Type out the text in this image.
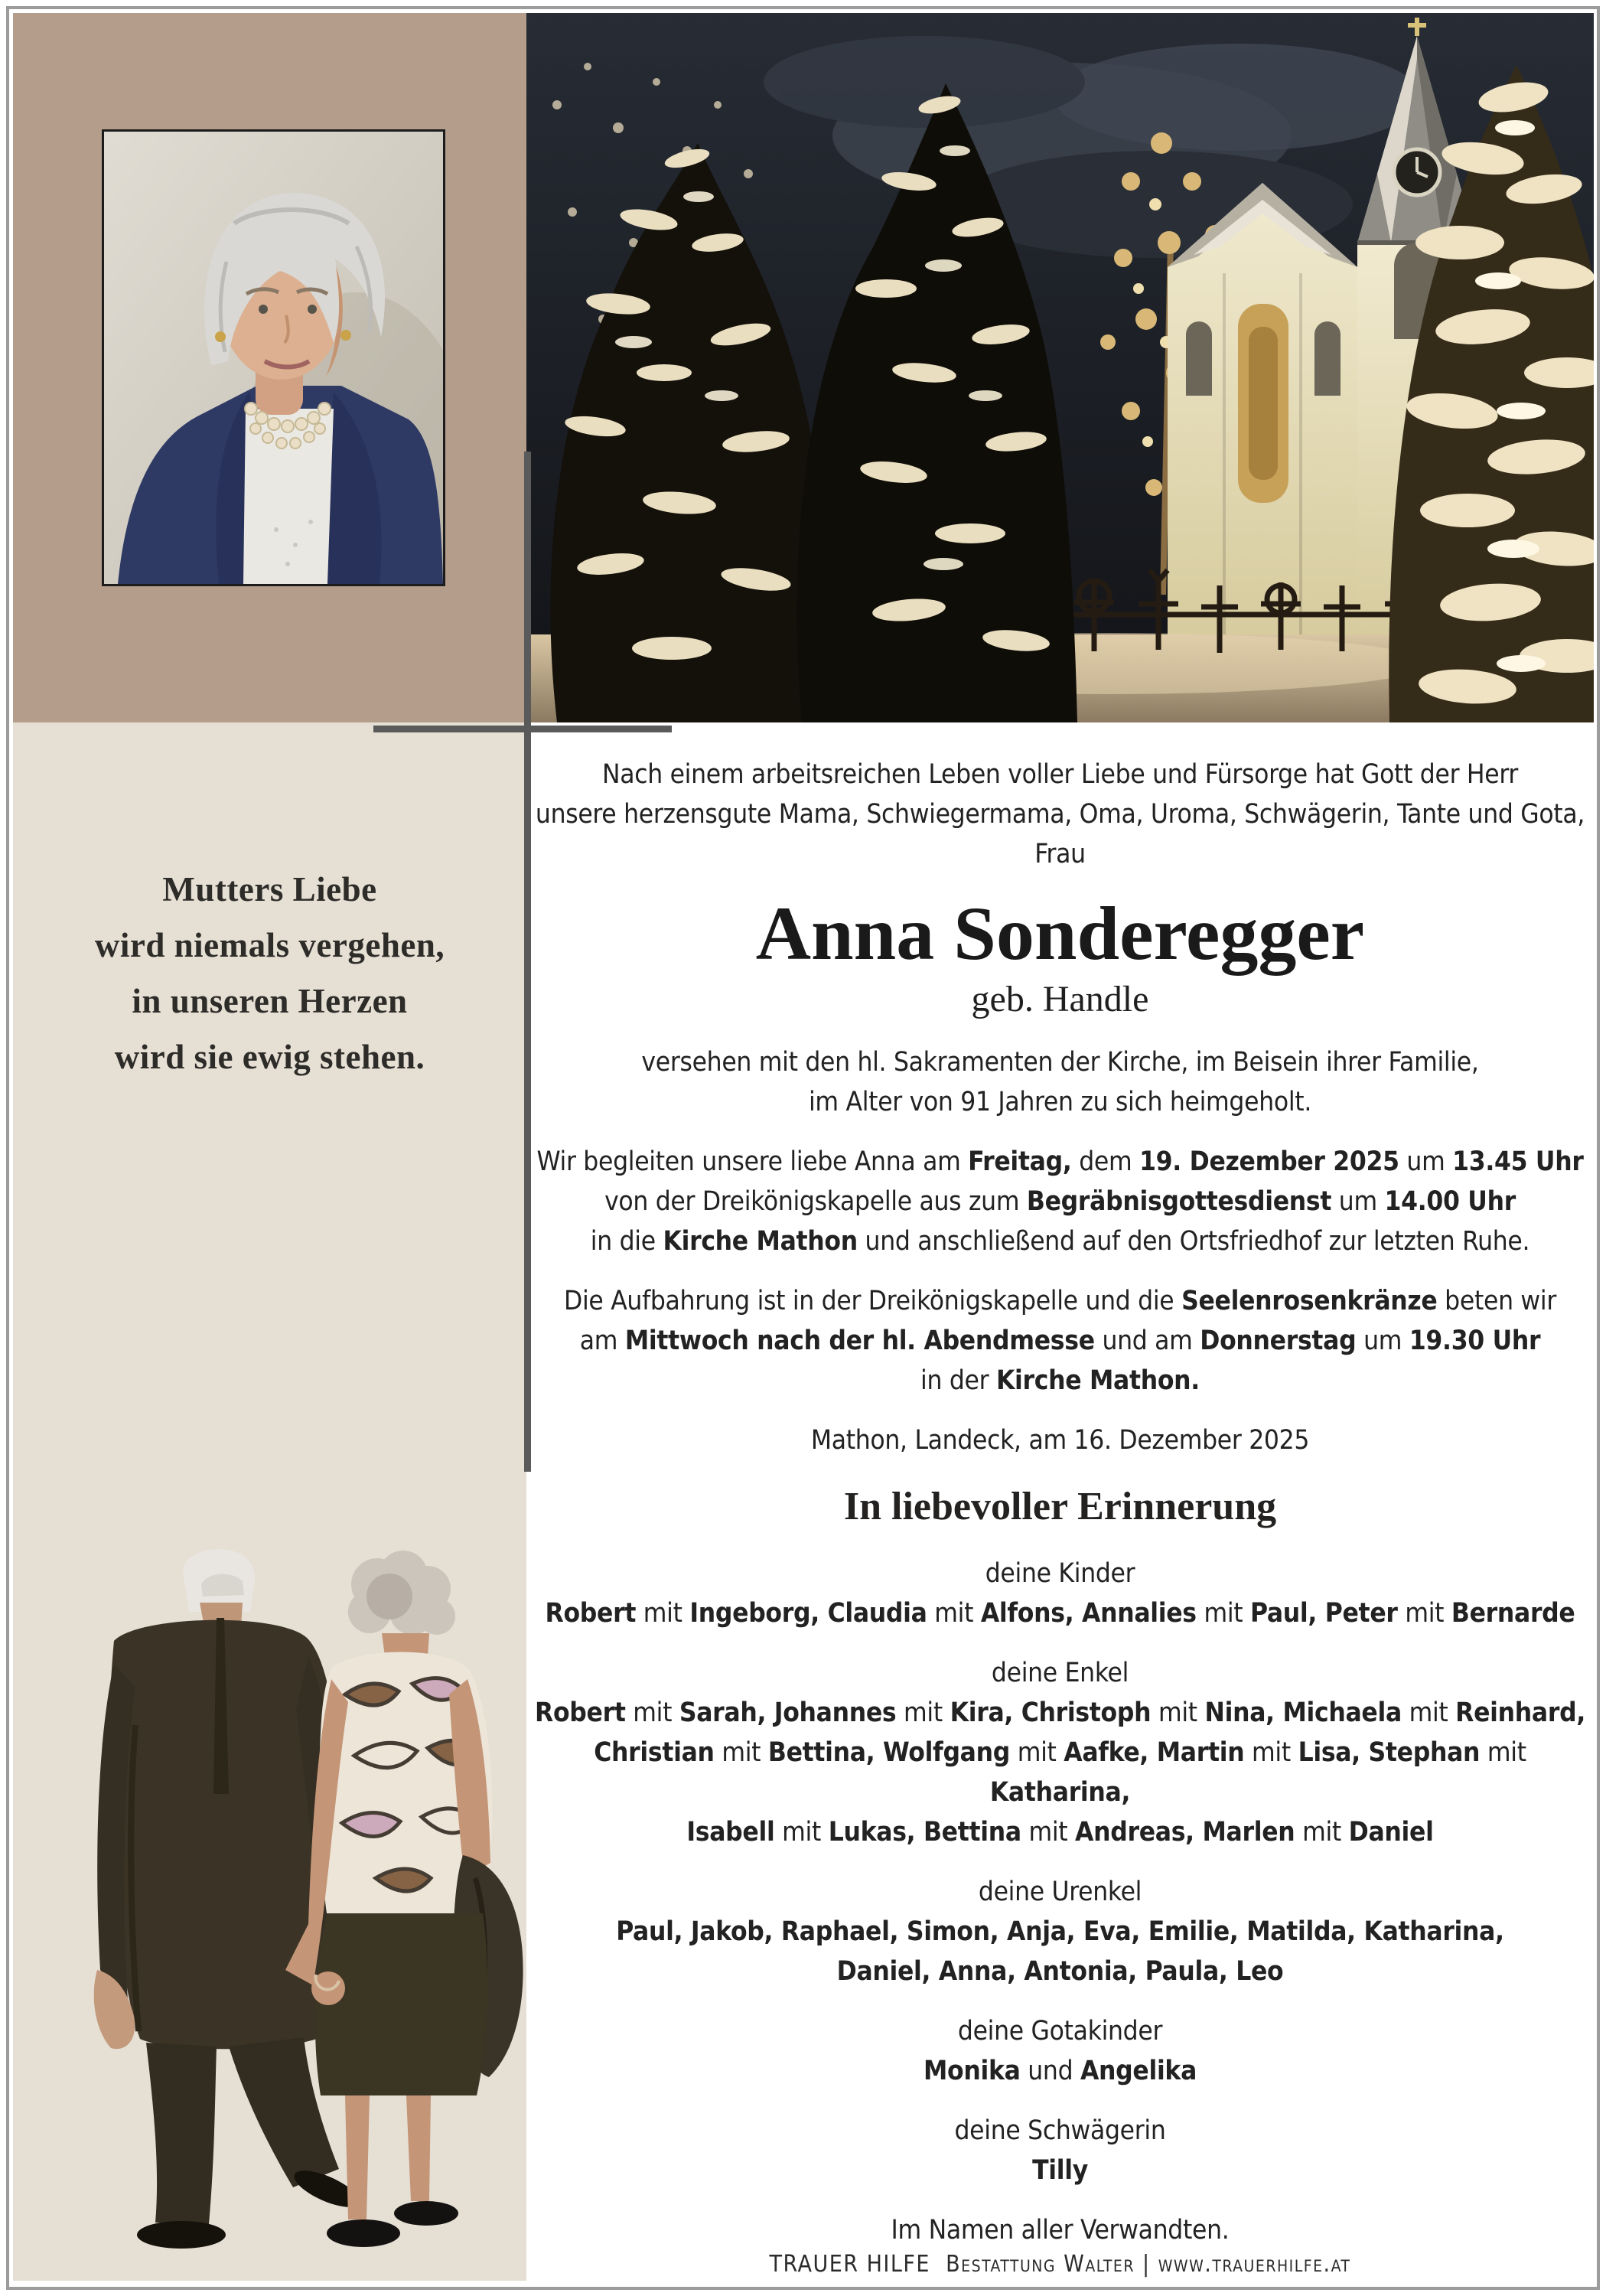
Mutters Liebe
wird niemals vergehen,
in unseren Herzen
wird sie ewig stehen.
Nach einem arbeitsreichen Leben voller Liebe und Fürsorge hat Gott der Herr
unsere herzensgute Mama, Schwiegermama, Oma, Uroma, Schwägerin, Tante und Gota,
Frau
Anna Sonderegger
geb. Handle
versehen mit den hl. Sakramenten der Kirche, im Beisein ihrer Familie,
im Alter von 91 Jahren zu sich heimgeholt.
Wir begleiten unsere liebe Anna am Freitag, dem 19. Dezember 2025 um 13.45 Uhr
von der Dreikönigskapelle aus zum Begräbnisgottesdienst um 14.00 Uhr
in die Kirche Mathon und anschließend auf den Ortsfriedhof zur letzten Ruhe.
Die Aufbahrung ist in der Dreikönigskapelle und die Seelenrosenkränze beten wir
am Mittwoch nach der hl. Abendmesse und am Donnerstag um 19.30 Uhr
in der Kirche Mathon.
Mathon, Landeck, am 16. Dezember 2025
In liebevoller Erinnerung
deine Kinder
Robert mit Ingeborg, Claudia mit Alfons, Annalies mit Paul, Peter mit Bernarde
deine Enkel
Robert mit Sarah, Johannes mit Kira, Christoph mit Nina, Michaela mit Reinhard,
Christian mit Bettina, Wolfgang mit Aafke, Martin mit Lisa, Stephan mit Katharina,
Isabell mit Lukas, Bettina mit Andreas, Marlen mit Daniel
deine Urenkel
Paul, Jakob, Raphael, Simon, Anja, Eva, Emilie, Matilda, Katharina,
Daniel, Anna, Antonia, Paula, Leo
deine Gotakinder
Monika und Angelika
deine Schwägerin
Tilly
Im Namen aller Verwandten.
TRAUER HILFE Bestattung Walter | www.trauerhilfe.at
